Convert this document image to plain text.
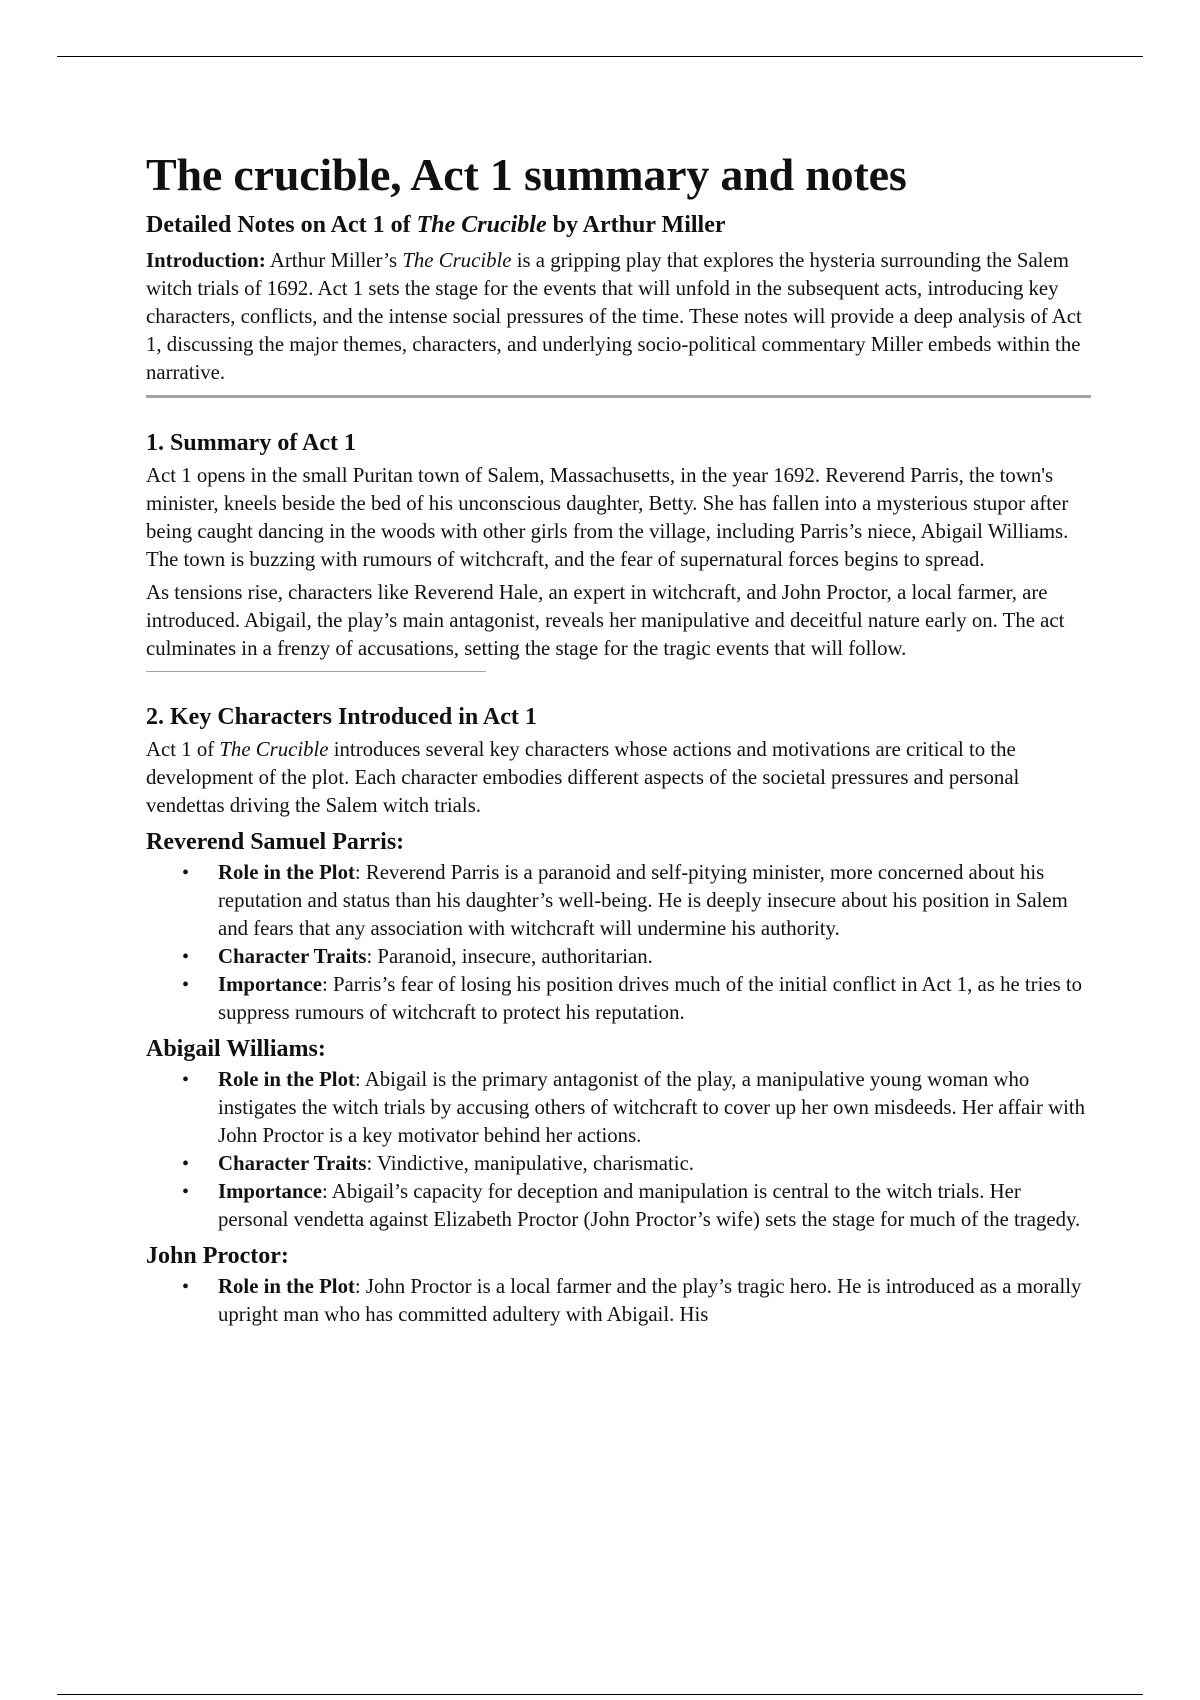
The crucible, Act 1 summary and notes
Detailed Notes on Act 1 of The Crucible by Arthur Miller

Introduction: Arthur Miller’s The Crucible is a gripping play that explores the hysteria surrounding the Salem witch trials of 1692. Act 1 sets the stage for the events that will unfold in the subsequent acts, introducing key characters, conflicts, and the intense social pressures of the time. These notes will provide a deep analysis of Act 1, discussing the major themes, characters, and underlying socio-political commentary Miller embeds within the narrative.

1. Summary of Act 1

Act 1 opens in the small Puritan town of Salem, Massachusetts, in the year 1692. Reverend Parris, the town's minister, kneels beside the bed of his unconscious daughter, Betty. She has fallen into a mysterious stupor after being caught dancing in the woods with other girls from the village, including Parris’s niece, Abigail Williams. The town is buzzing with rumours of witchcraft, and the fear of supernatural forces begins to spread.

As tensions rise, characters like Reverend Hale, an expert in witchcraft, and John Proctor, a local farmer, are introduced. Abigail, the play’s main antagonist, reveals her manipulative and deceitful nature early on. The act culminates in a frenzy of accusations, setting the stage for the tragic events that will follow.

2. Key Characters Introduced in Act 1

Act 1 of The Crucible introduces several key characters whose actions and motivations are critical to the development of the plot. Each character embodies different aspects of the societal pressures and personal vendettas driving the Salem witch trials.

Reverend Samuel Parris:
• Role in the Plot: Reverend Parris is a paranoid and self-pitying minister, more concerned about his reputation and status than his daughter’s well-being. He is deeply insecure about his position in Salem and fears that any association with witchcraft will undermine his authority.
• Character Traits: Paranoid, insecure, authoritarian.
• Importance: Parris’s fear of losing his position drives much of the initial conflict in Act 1, as he tries to suppress rumours of witchcraft to protect his reputation.
Abigail Williams:
• Role in the Plot: Abigail is the primary antagonist of the play, a manipulative young woman who instigates the witch trials by accusing others of witchcraft to cover up her own misdeeds. Her affair with John Proctor is a key motivator behind her actions.
• Character Traits: Vindictive, manipulative, charismatic.
• Importance: Abigail’s capacity for deception and manipulation is central to the witch trials. Her personal vendetta against Elizabeth Proctor (John Proctor’s wife) sets the stage for much of the tragedy.
John Proctor:
• Role in the Plot: John Proctor is a local farmer and the play’s tragic hero. He is introduced as a morally upright man who has committed adultery with Abigail. His
